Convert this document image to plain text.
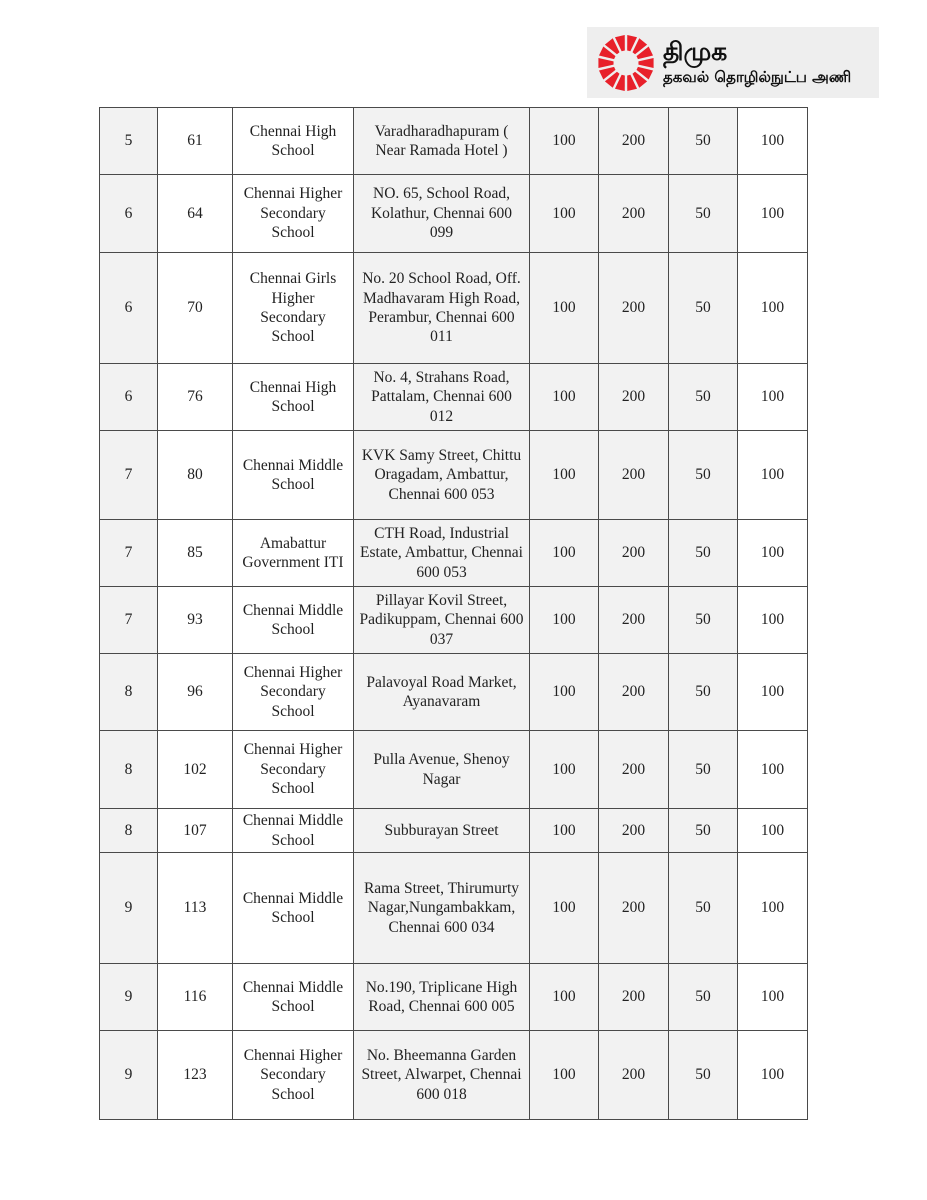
திமுக
தகவல் தொழில்நுட்ப அணி
5	61	Chennai High School	Varadharadhapuram ( Near Ramada Hotel )	100	200	50	100
6	64	Chennai Higher Secondary School	NO. 65, School Road, Kolathur, Chennai 600 099	100	200	50	100
6	70	Chennai Girls Higher Secondary School	No. 20 School Road, Off. Madhavaram High Road, Perambur, Chennai 600 011	100	200	50	100
6	76	Chennai High School	No. 4, Strahans Road, Pattalam, Chennai 600 012	100	200	50	100
7	80	Chennai Middle School	KVK Samy Street, Chittu Oragadam, Ambattur, Chennai 600 053	100	200	50	100
7	85	Amabattur Government ITI	CTH Road, Industrial Estate, Ambattur, Chennai 600 053	100	200	50	100
7	93	Chennai Middle School	Pillayar Kovil Street, Padikuppam, Chennai 600 037	100	200	50	100
8	96	Chennai Higher Secondary School	Palavoyal Road Market, Ayanavaram	100	200	50	100
8	102	Chennai Higher Secondary School	Pulla Avenue, Shenoy Nagar	100	200	50	100
8	107	Chennai Middle School	Subburayan Street	100	200	50	100
9	113	Chennai Middle School	Rama Street, Thirumurty Nagar,Nungambakkam, Chennai 600 034	100	200	50	100
9	116	Chennai Middle School	No.190, Triplicane High Road, Chennai 600 005	100	200	50	100
9	123	Chennai Higher Secondary School	No. Bheemanna Garden Street, Alwarpet, Chennai 600 018	100	200	50	100
